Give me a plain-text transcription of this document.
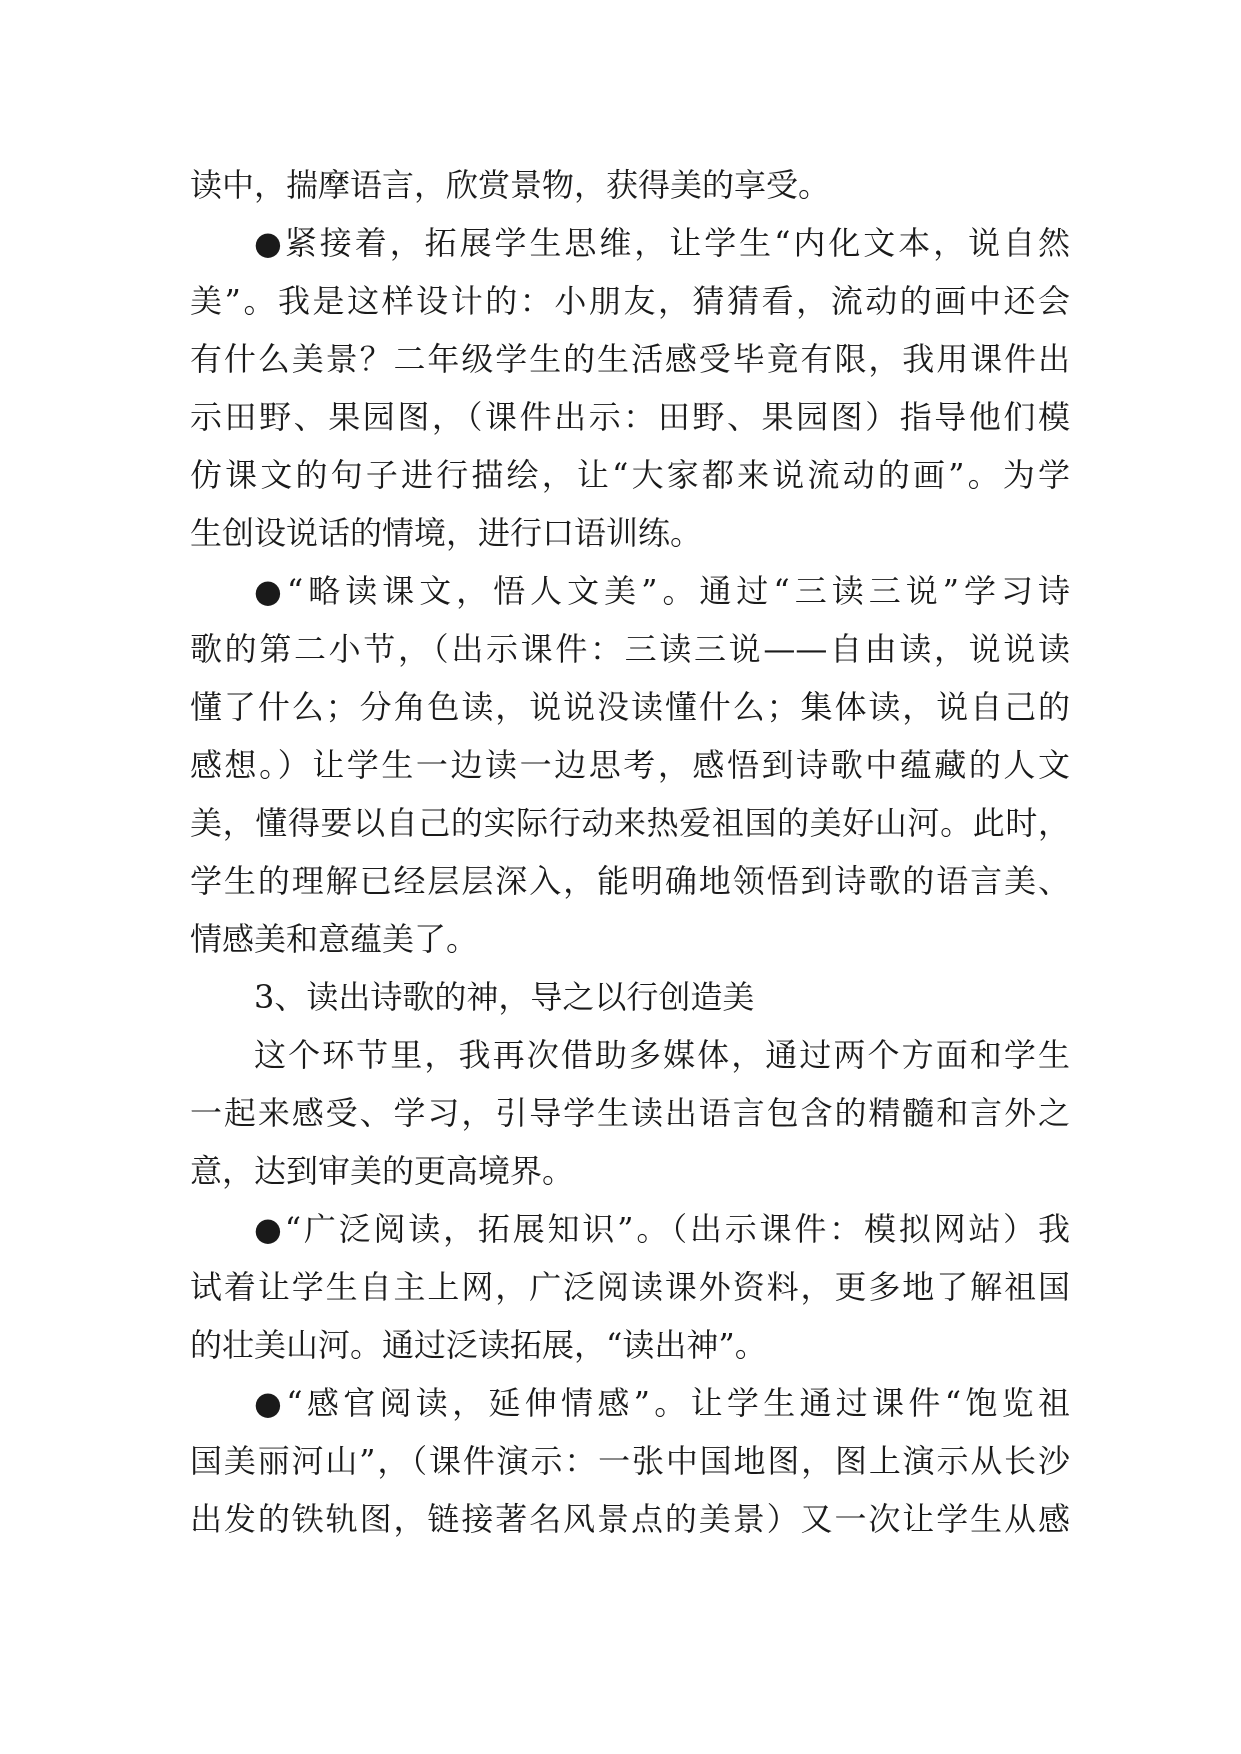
读中，揣摩语言，欣赏景物，获得美的享受。
●紧接着，拓展学生思维，让学生“内化文本，说自然
美”。我是这样设计的：小朋友，猜猜看，流动的画中还会
有什么美景？二年级学生的生活感受毕竟有限，我用课件出
示田野、果园图，（课件出示：田野、果园图）指导他们模
仿课文的句子进行描绘，让“大家都来说流动的画”。为学
生创设说话的情境，进行口语训练。
●“略读课文，悟人文美”。通过“三读三说”学习诗
歌的第二小节，（出示课件：三读三说——自由读，说说读
懂了什么；分角色读，说说没读懂什么；集体读，说自己的
感想。）让学生一边读一边思考，感悟到诗歌中蕴藏的人文
美，懂得要以自己的实际行动来热爱祖国的美好山河。此时，
学生的理解已经层层深入，能明确地领悟到诗歌的语言美、
情感美和意蕴美了。
3、读出诗歌的神，导之以行创造美
这个环节里，我再次借助多媒体，通过两个方面和学生
一起来感受、学习，引导学生读出语言包含的精髓和言外之
意，达到审美的更高境界。
●“广泛阅读，拓展知识”。（出示课件：模拟网站）我
试着让学生自主上网，广泛阅读课外资料，更多地了解祖国
的壮美山河。通过泛读拓展，“读出神”。
●“感官阅读，延伸情感”。让学生通过课件“饱览祖
国美丽河山”，（课件演示：一张中国地图，图上演示从长沙
出发的铁轨图，链接著名风景点的美景）又一次让学生从感
